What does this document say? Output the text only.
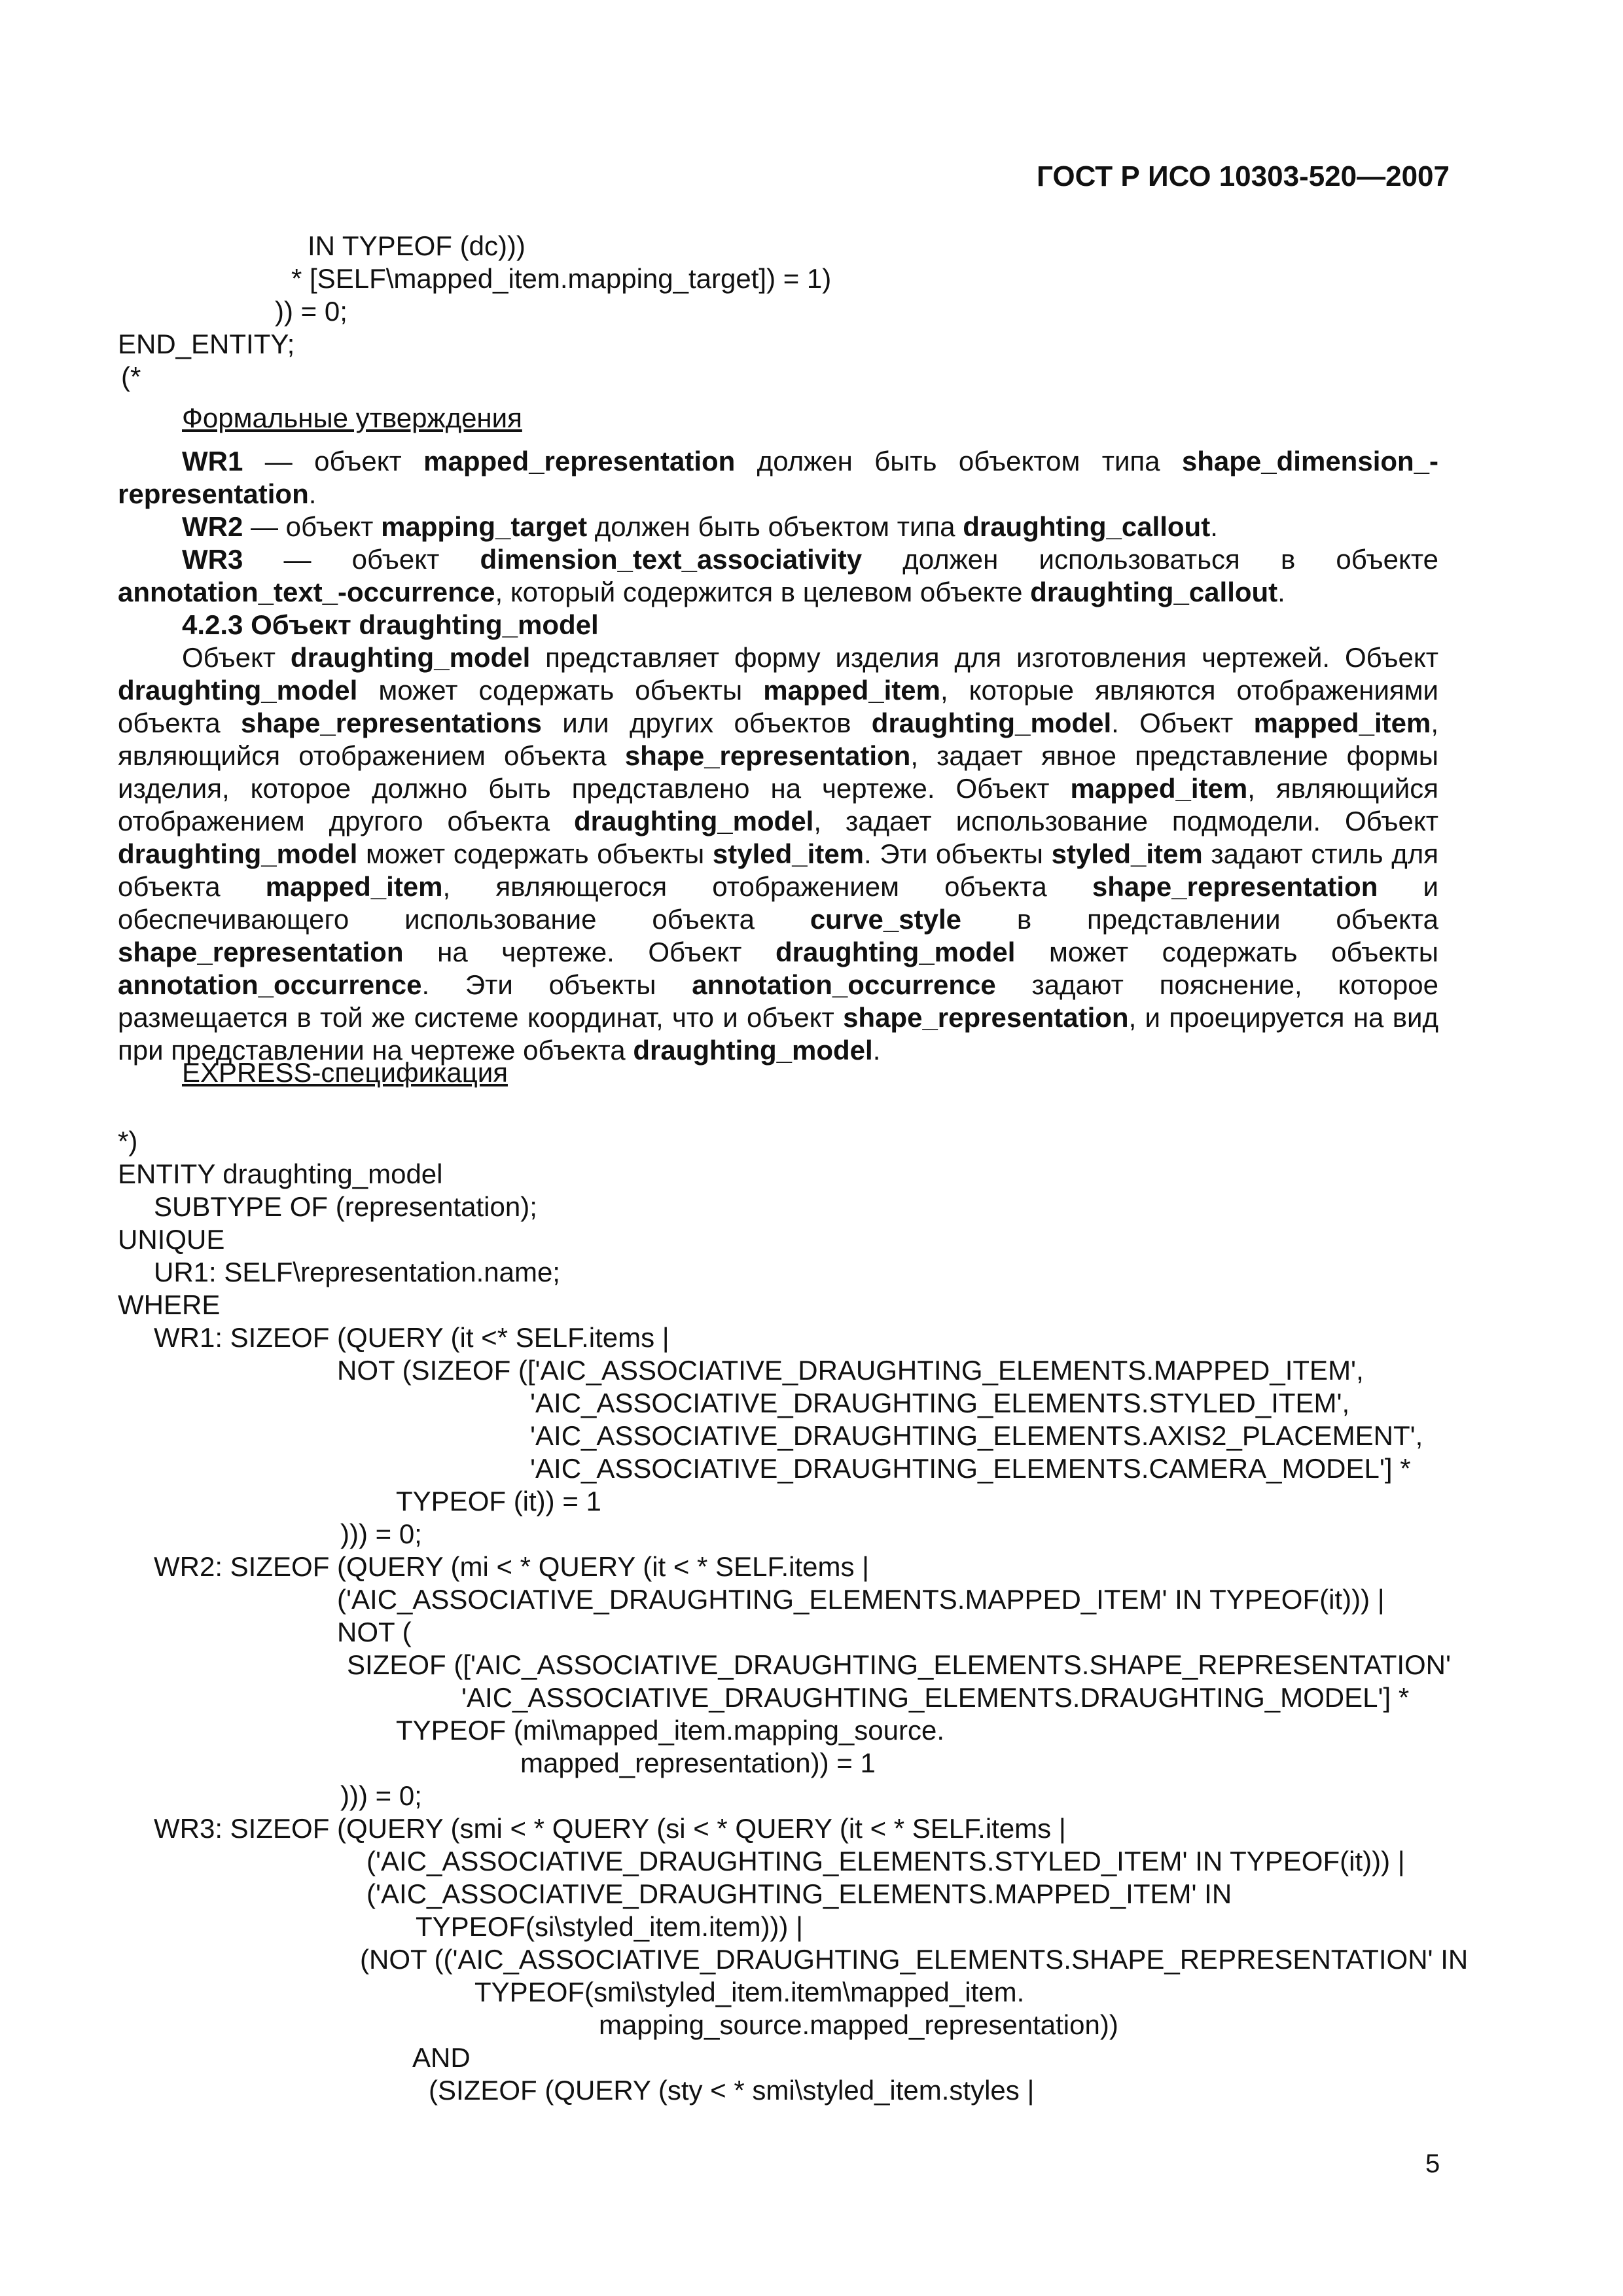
ГОСТ Р ИСО 10303-520—2007
IN TYPEOF (dc)))
* [SELF\mapped_item.mapping_target]) = 1)
)) = 0;
END_ENTITY;
(*
Формальные утверждения
WR1 — объект mapped_representation должен быть объектом типа shape_dimension_-representation.
WR2 — объект mapping_target должен быть объектом типа draughting_callout.
WR3 — объект dimension_text_associativity должен использоваться в объекте annotation_text_-occurrence, который содержится в целевом объекте draughting_callout.
4.2.3 Объект draughting_model
Объект draughting_model представляет форму изделия для изготовления чертежей. Объект draughting_model может содержать объекты mapped_item, которые являются отображениями объекта shape_representations или других объектов draughting_model. Объект mapped_item, являющийся отображением объекта shape_representation, задает явное представление формы изделия, которое должно быть представлено на чертеже. Объект mapped_item, являющийся отображением другого объекта draughting_model, задает использование подмодели. Объект draughting_model может содержать объекты styled_item. Эти объекты styled_item задают стиль для объекта mapped_item, являющегося отображением объекта shape_representation и обеспечивающего использование объекта curve_style в представлении объекта shape_representation на чертеже. Объект draughting_model может содержать объекты annotation_occurrence. Эти объекты annotation_occurrence задают пояснение, которое размещается в той же системе координат, что и объект shape_representation, и проецируется на вид при представлении на чертеже объекта draughting_model.
EXPRESS-спецификация
*)
ENTITY draughting_model
SUBTYPE OF (representation);
UNIQUE
UR1: SELF\representation.name;
WHERE
WR1: SIZEOF (QUERY (it <* SELF.items |
NOT (SIZEOF (['AIC_ASSOCIATIVE_DRAUGHTING_ELEMENTS.MAPPED_ITEM',
'AIC_ASSOCIATIVE_DRAUGHTING_ELEMENTS.STYLED_ITEM',
'AIC_ASSOCIATIVE_DRAUGHTING_ELEMENTS.AXIS2_PLACEMENT',
'AIC_ASSOCIATIVE_DRAUGHTING_ELEMENTS.CAMERA_MODEL'] *
TYPEOF (it)) = 1
))) = 0;
WR2: SIZEOF (QUERY (mi < * QUERY (it < * SELF.items |
('AIC_ASSOCIATIVE_DRAUGHTING_ELEMENTS.MAPPED_ITEM' IN TYPEOF(it))) |
NOT (
SIZEOF (['AIC_ASSOCIATIVE_DRAUGHTING_ELEMENTS.SHAPE_REPRESENTATION'
'AIC_ASSOCIATIVE_DRAUGHTING_ELEMENTS.DRAUGHTING_MODEL'] *
TYPEOF (mi\mapped_item.mapping_source.
mapped_representation)) = 1
))) = 0;
WR3: SIZEOF (QUERY (smi < * QUERY (si < * QUERY (it < * SELF.items |
('AIC_ASSOCIATIVE_DRAUGHTING_ELEMENTS.STYLED_ITEM' IN TYPEOF(it))) |
('AIC_ASSOCIATIVE_DRAUGHTING_ELEMENTS.MAPPED_ITEM' IN
TYPEOF(si\styled_item.item))) |
(NOT (('AIC_ASSOCIATIVE_DRAUGHTING_ELEMENTS.SHAPE_REPRESENTATION' IN
TYPEOF(smi\styled_item.item\mapped_item.
mapping_source.mapped_representation))
AND
(SIZEOF (QUERY (sty < * smi\styled_item.styles |
5
